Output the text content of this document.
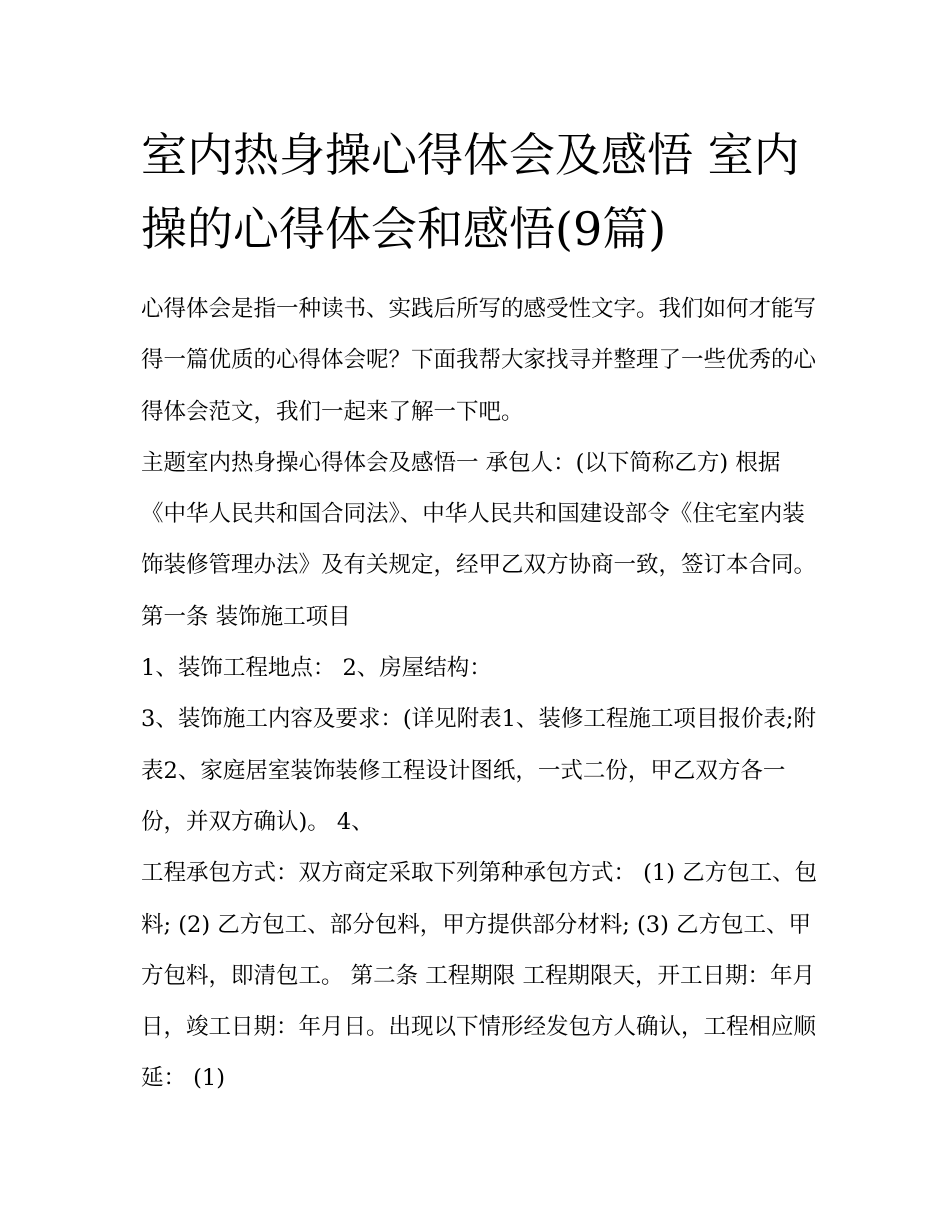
室内热身操心得体会及感悟 室内操的心得体会和感悟(9篇)

心得体会是指一种读书、实践后所写的感受性文字。我们如何才能写得一篇优质的心得体会呢？下面我帮大家找寻并整理了一些优秀的心得体会范文，我们一起来了解一下吧。

主题室内热身操心得体会及感悟一 承包人：(以下简称乙方) 根据《中华人民共和国合同法》、中华人民共和国建设部令《住宅室内装饰装修管理办法》及有关规定，经甲乙双方协商一致，签订本合同。 第一条 装饰施工项目

1、装饰工程地点： 2、房屋结构：

3、装饰施工内容及要求：(详见附表1、装修工程施工项目报价表;附表2、家庭居室装饰装修工程设计图纸，一式二份，甲乙双方各一份，并双方确认)。 4、

工程承包方式：双方商定采取下列第种承包方式： (1) 乙方包工、包料; (2) 乙方包工、部分包料，甲方提供部分材料; (3) 乙方包工、甲方包料，即清包工。 第二条 工程期限 工程期限天，开工日期：年月日，竣工日期：年月日。出现以下情形经发包方人确认，工程相应顺延： (1)
